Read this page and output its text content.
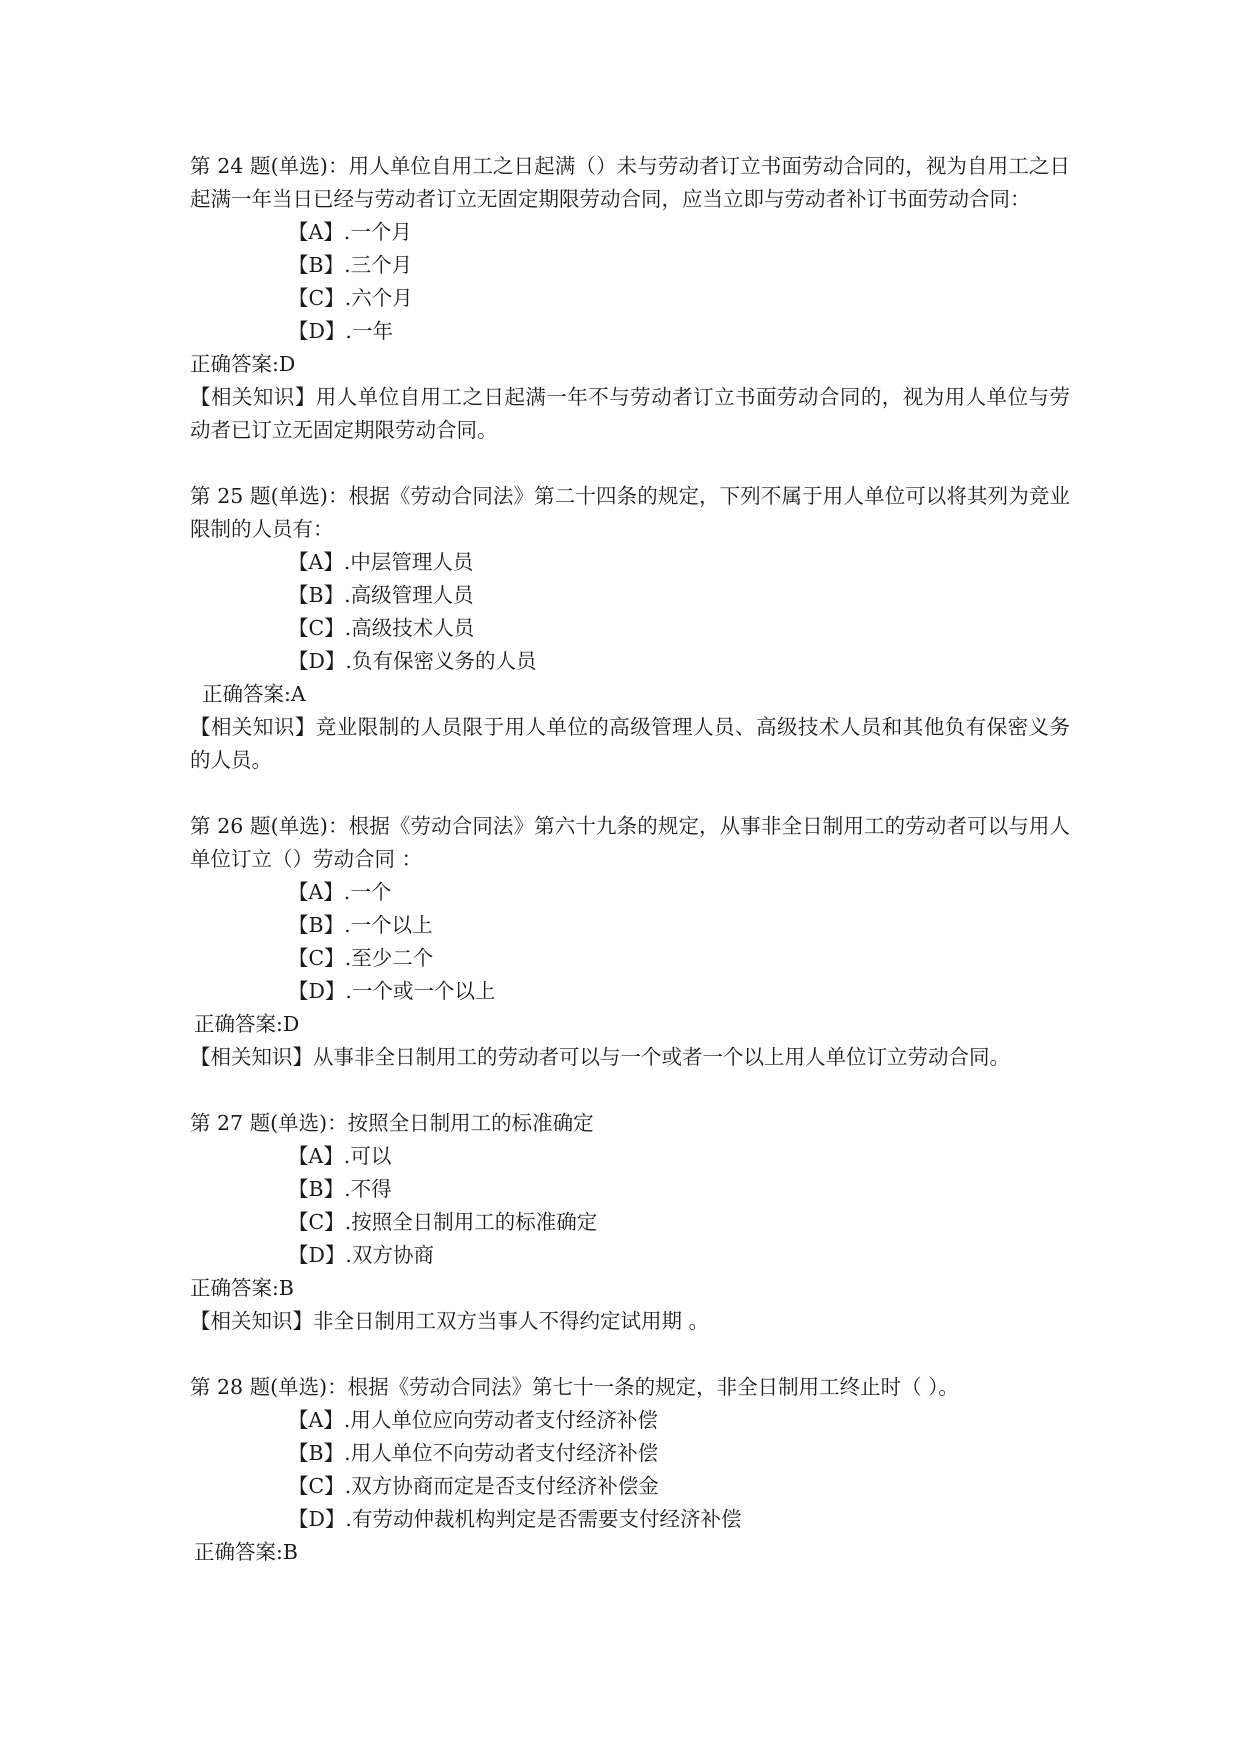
第 24 题(单选)：用人单位自用工之日起满（）未与劳动者订立书面劳动合同的，视为自用工之日起满一年当日已经与劳动者订立无固定期限劳动合同，应当立即与劳动者补订书面劳动合同：

【A】.一个月
【B】.三个月
【C】.六个月
【D】.一年

正确答案:D

【相关知识】用人单位自用工之日起满一年不与劳动者订立书面劳动合同的，视为用人单位与劳动者已订立无固定期限劳动合同。

第 25 题(单选)：根据《劳动合同法》第二十四条的规定，下列不属于用人单位可以将其列为竞业限制的人员有：

【A】.中层管理人员
【B】.高级管理人员
【C】.高级技术人员
【D】.负有保密义务的人员

正确答案:A

【相关知识】竞业限制的人员限于用人单位的高级管理人员、高级技术人员和其他负有保密义务的人员。

第 26 题(单选)：根据《劳动合同法》第六十九条的规定，从事非全日制用工的劳动者可以与用人单位订立（）劳动合同 ：

【A】.一个
【B】.一个以上
【C】.至少二个
【D】.一个或一个以上

正确答案:D

【相关知识】从事非全日制用工的劳动者可以与一个或者一个以上用人单位订立劳动合同。

第 27 题(单选)：按照全日制用工的标准确定

【A】.可以
【B】.不得
【C】.按照全日制用工的标准确定
【D】.双方协商

正确答案:B

【相关知识】非全日制用工双方当事人不得约定试用期 。

第 28 题(单选)：根据《劳动合同法》第七十一条的规定，非全日制用工终止时（ ）。

【A】.用人单位应向劳动者支付经济补偿
【B】.用人单位不向劳动者支付经济补偿
【C】.双方协商而定是否支付经济补偿金
【D】.有劳动仲裁机构判定是否需要支付经济补偿

正确答案:B
